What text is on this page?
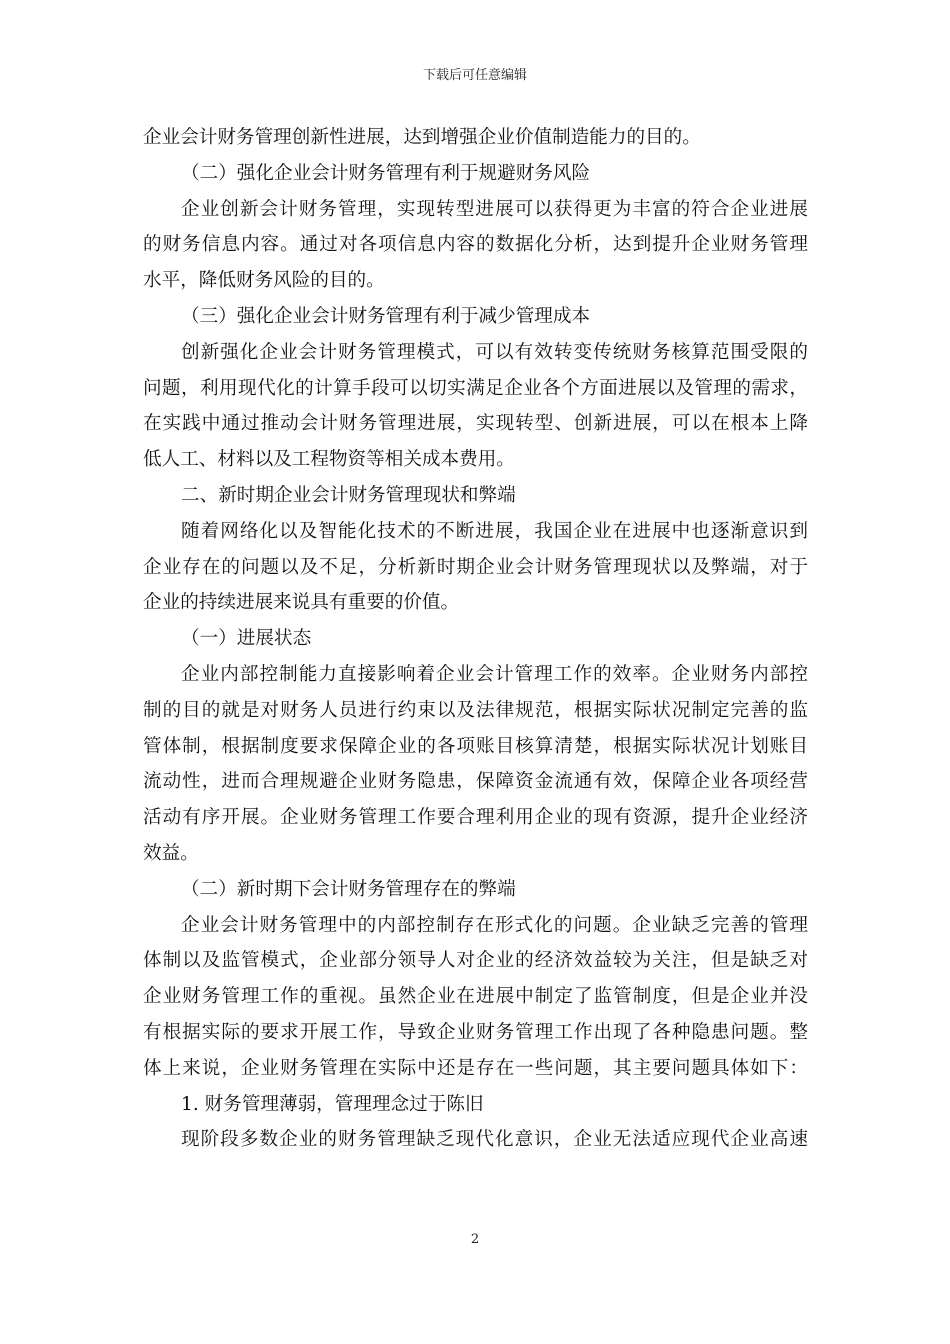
下载后可任意编辑
企业会计财务管理创新性进展，达到增强企业价值制造能力的目的。
（二）强化企业会计财务管理有利于规避财务风险
企业创新会计财务管理，实现转型进展可以获得更为丰富的符合企业进展
的财务信息内容。通过对各项信息内容的数据化分析，达到提升企业财务管理
水平，降低财务风险的目的。
（三）强化企业会计财务管理有利于减少管理成本
创新强化企业会计财务管理模式，可以有效转变传统财务核算范围受限的
问题，利用现代化的计算手段可以切实满足企业各个方面进展以及管理的需求，
在实践中通过推动会计财务管理进展，实现转型、创新进展，可以在根本上降
低人工、材料以及工程物资等相关成本费用。
二、新时期企业会计财务管理现状和弊端
随着网络化以及智能化技术的不断进展，我国企业在进展中也逐渐意识到
企业存在的问题以及不足，分析新时期企业会计财务管理现状以及弊端，对于
企业的持续进展来说具有重要的价值。
（一）进展状态
企业内部控制能力直接影响着企业会计管理工作的效率。企业财务内部控
制的目的就是对财务人员进行约束以及法律规范，根据实际状况制定完善的监
管体制，根据制度要求保障企业的各项账目核算清楚，根据实际状况计划账目
流动性，进而合理规避企业财务隐患，保障资金流通有效，保障企业各项经营
活动有序开展。企业财务管理工作要合理利用企业的现有资源，提升企业经济
效益。
（二）新时期下会计财务管理存在的弊端
企业会计财务管理中的内部控制存在形式化的问题。企业缺乏完善的管理
体制以及监管模式，企业部分领导人对企业的经济效益较为关注，但是缺乏对
企业财务管理工作的重视。虽然企业在进展中制定了监管制度，但是企业并没
有根据实际的要求开展工作，导致企业财务管理工作出现了各种隐患问题。整
体上来说，企业财务管理在实际中还是存在一些问题，其主要问题具体如下：
1. 财务管理薄弱，管理理念过于陈旧
现阶段多数企业的财务管理缺乏现代化意识，企业无法适应现代企业高速
2
